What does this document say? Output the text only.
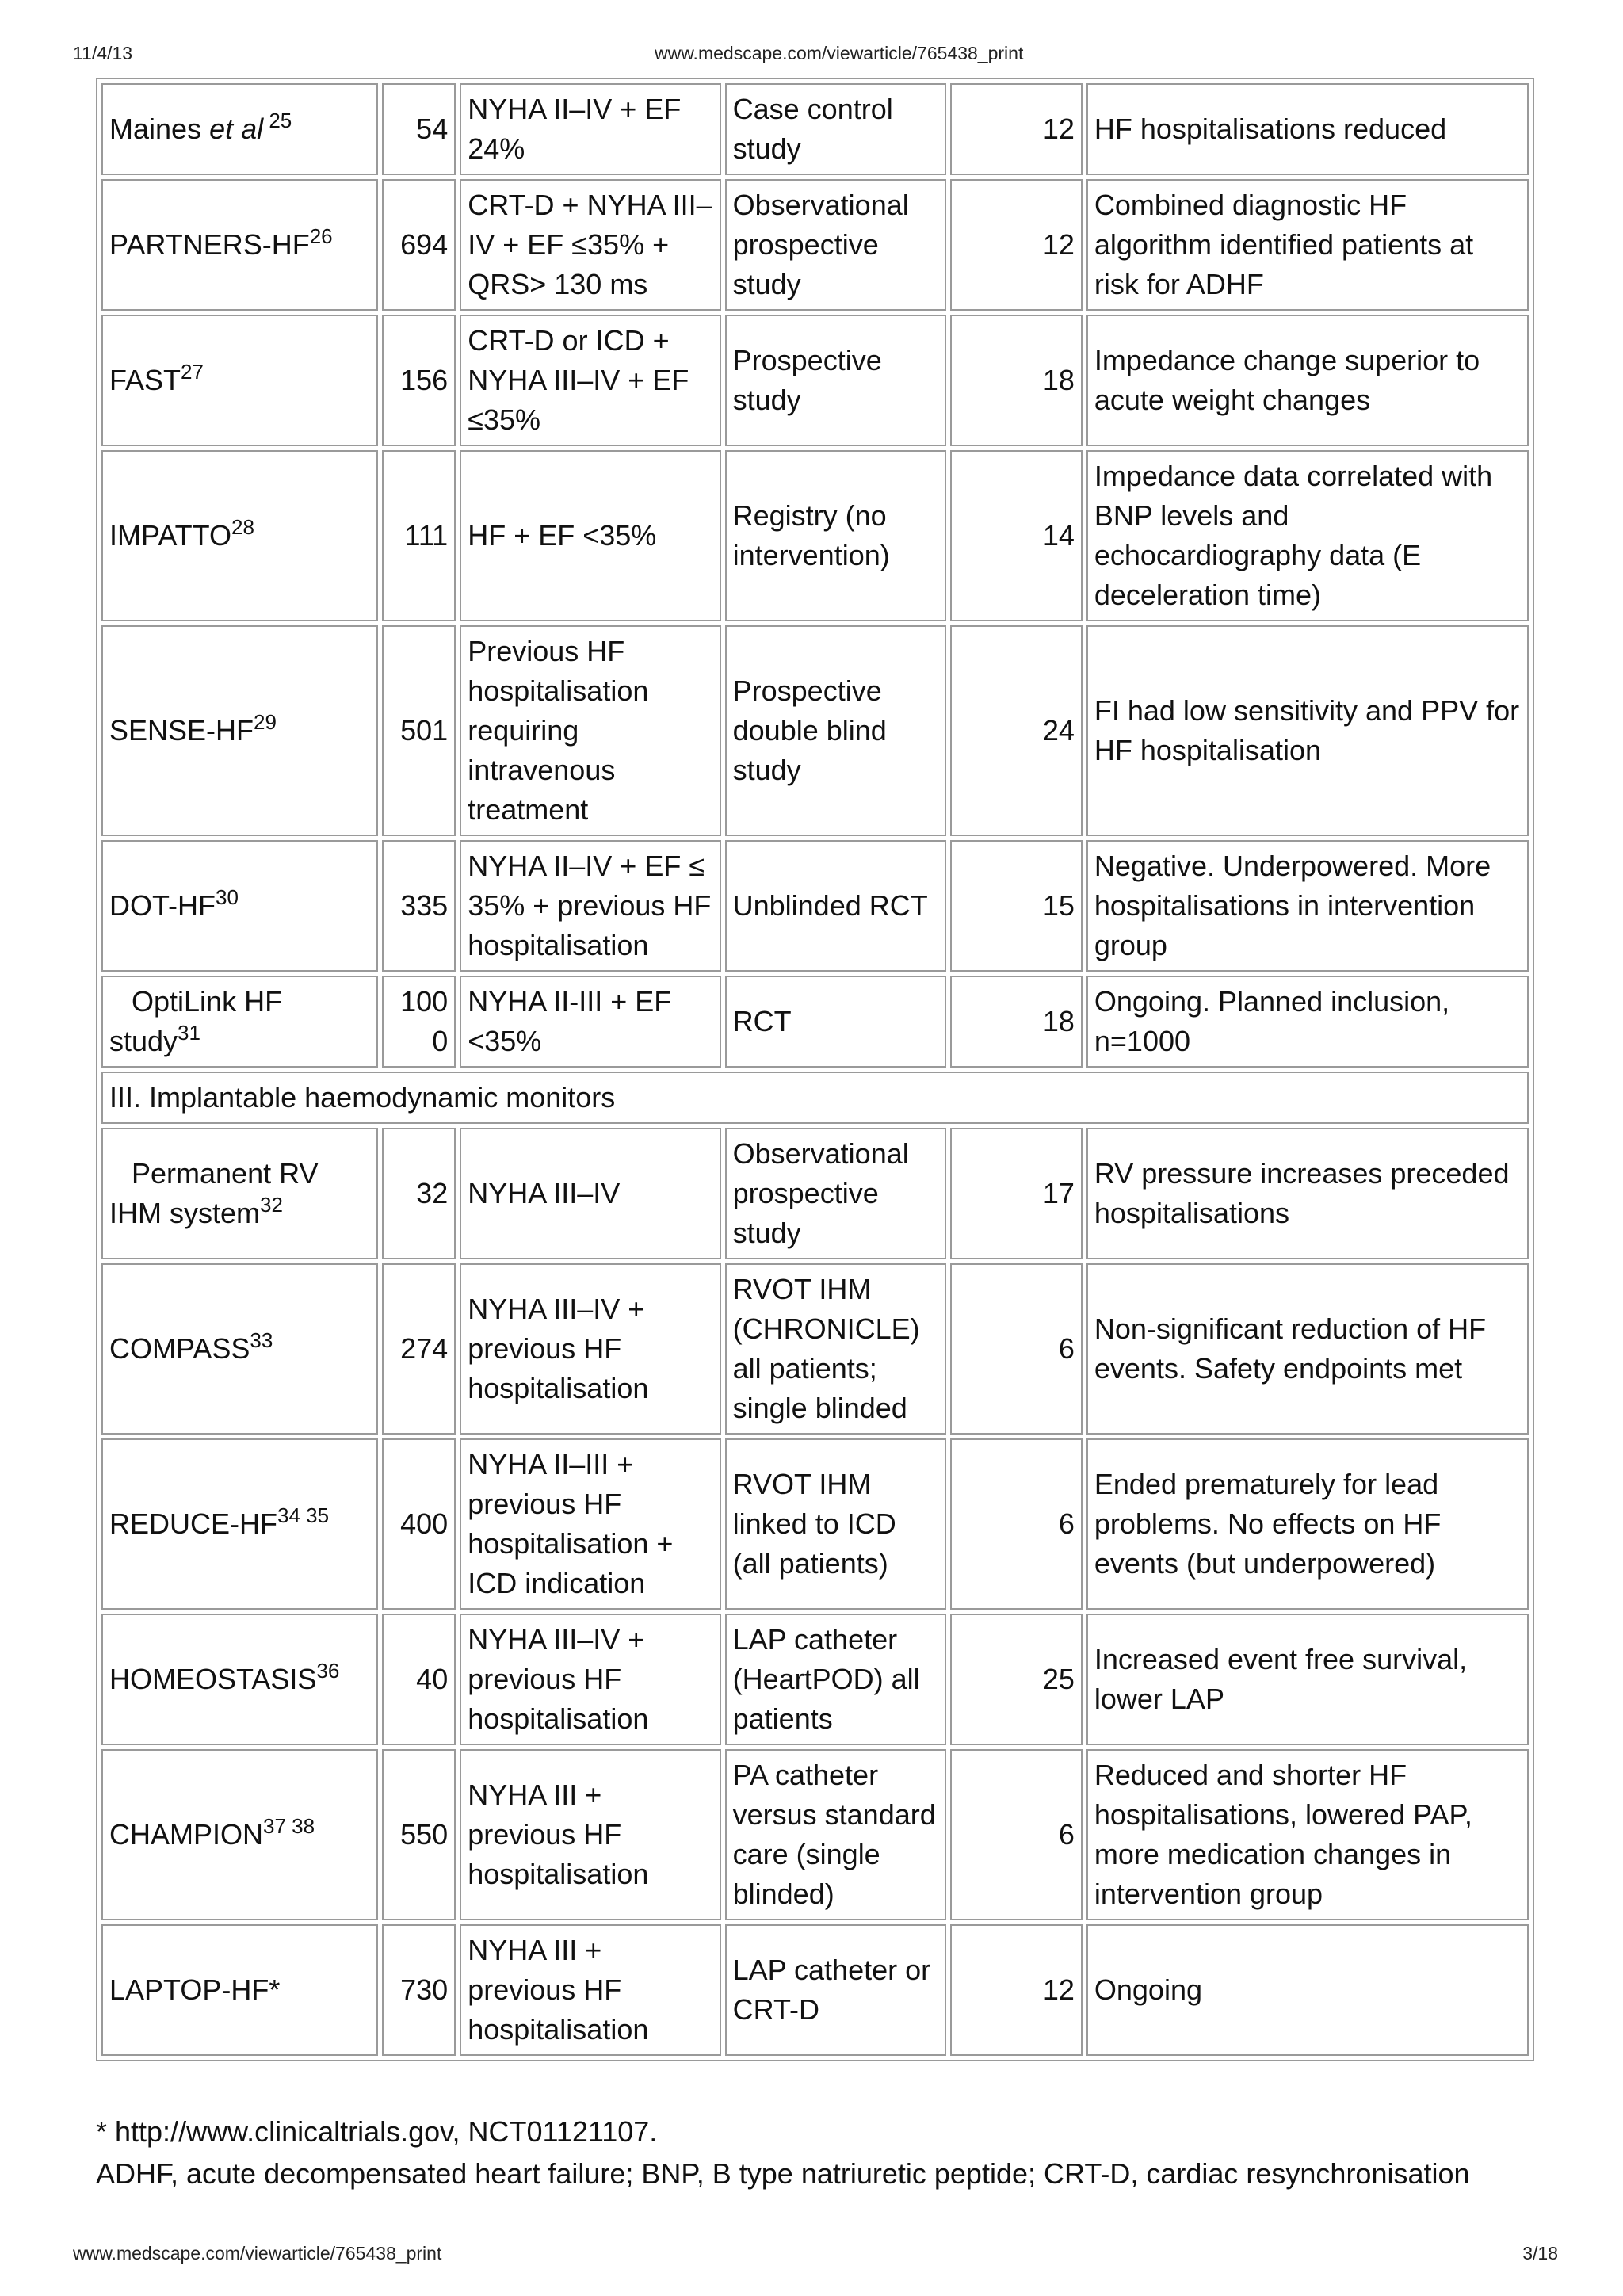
11/4/13	www.medscape.com/viewarticle/765438_print
Maines et al $^{25}$	54	NYHA II–IV + EF 24%	Case control study	12	HF hospitalisations reduced
PARTNERS-HF$^{26}$	694	CRT-D + NYHA III–IV + EF ≤35% + QRS> 130 ms	Observational prospective study	12	Combined diagnostic HF algorithm identified patients at risk for ADHF
FAST$^{27}$	156	CRT-D or ICD + NYHA III–IV + EF ≤35%	Prospective study	18	Impedance change superior to acute weight changes
IMPATTO$^{28}$	111	HF + EF <35%	Registry (no intervention)	14	Impedance data correlated with BNP levels and echocardiography data (E deceleration time)
SENSE-HF$^{29}$	501	Previous HF hospitalisation requiring intravenous treatment	Prospective double blind study	24	FI had low sensitivity and PPV for HF hospitalisation
DOT-HF$^{30}$	335	NYHA II–IV + EF ≤ 35% + previous HF hospitalisation	Unblinded RCT	15	Negative. Underpowered. More hospitalisations in intervention group
OptiLink HF study$^{31}$	1000	NYHA II-III + EF <35%	RCT	18	Ongoing. Planned inclusion, n=1000
III. Implantable haemodynamic monitors					
Permanent RV IHM system$^{32}$	32	NYHA III–IV	Observational prospective study	17	RV pressure increases preceded hospitalisations
COMPASS$^{33}$	274	NYHA III–IV + previous HF hospitalisation	RVOT IHM (CHRONICLE) all patients; single blinded	6	Non-significant reduction of HF events. Safety endpoints met
REDUCE-$HF^{34 35}$	400	NYHA II–III + previous HF hospitalisation + ICD indication	RVOT IHM linked to ICD (all patients)	6	Ended prematurely for lead problems. No effects on HF events (but underpowered)
HOMEOSTASIS$^{36}$	40	NYHA III–IV + previous HF hospitalisation	LAP catheter (HeartPOD) all patients	25	Increased event free survival, lower LAP
$CHAMPION^{37 38}$	550	NYHA III + previous HF hospitalisation	PA catheter versus standard care (single blinded)	6	Reduced and shorter HF hospitalisations, lowered PAP, more medication changes in intervention group
LAPTOP-HF*	730	NYHA III + previous HF hospitalisation	LAP catheter or CRT-D	12	Ongoing
* http://www.clinicaltrials.gov, NCT01121107.
ADHF, acute decompensated heart failure; BNP, B type natriuretic peptide; CRT-D, cardiac resynchronisation
www.medscape.com/viewarticle/765438_print	3/18
